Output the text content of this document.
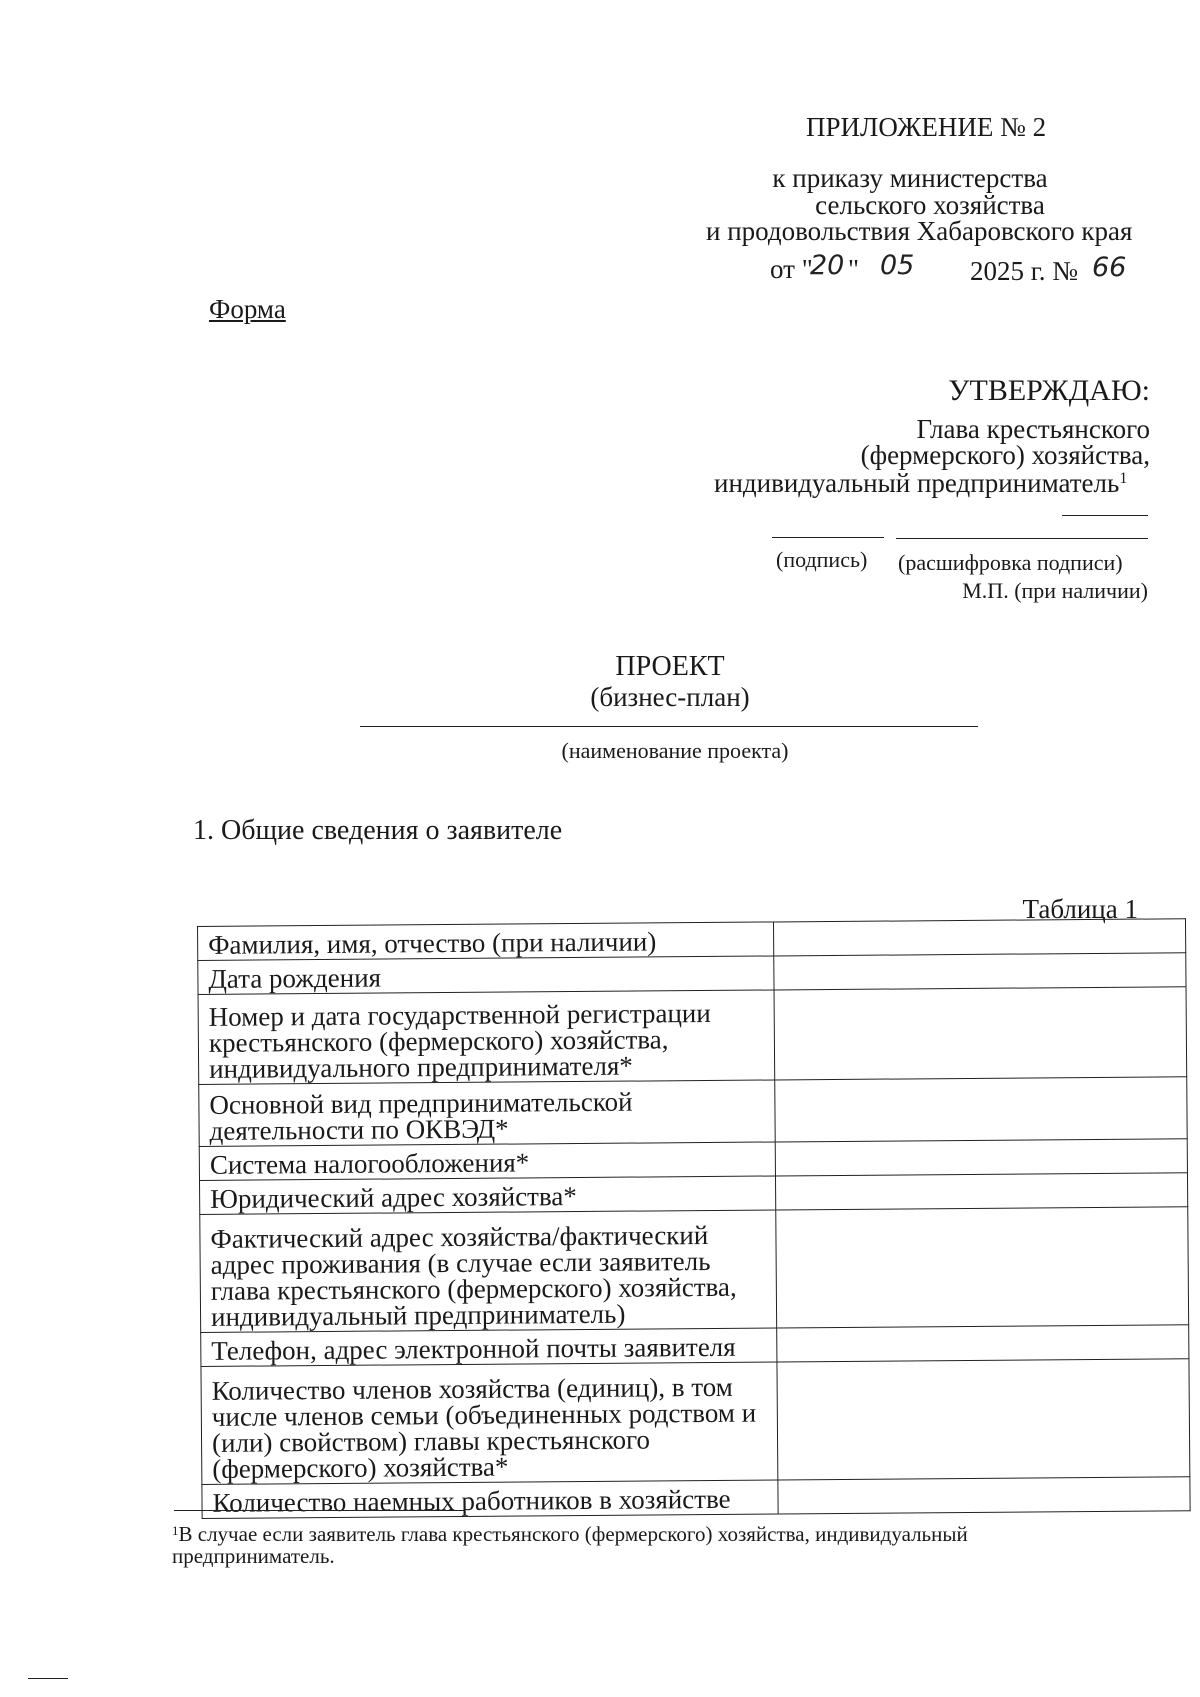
ПРИЛОЖЕНИЕ № 2
к приказу министерства
сельского хозяйства
и продовольствия Хабаровского края
от "
20 " 05 2025 г. № 66
Форма
УТВЕРЖДАЮ:
Глава крестьянского
(фермерского) хозяйства,
индивидуальный предприниматель$^1$
(подпись) (расшифровка подписи)
М.П. (при наличии)
ПРОЕКТ
(бизнес-план)
(наименование проекта)
1. Общие сведения о заявителе
Таблица 1
Фамилия, имя, отчество (при наличии)	
Дата рождения	
Номер и дата государственной регистрации крестьянского (фермерского) хозяйства, индивидуального предпринимателя*	
Основной вид предпринимательской деятельности по ОКВЭД*	
Система налогообложения*	
Юридический адрес хозяйства*	
Фактический адрес хозяйства/фактический адрес проживания (в случае если заявитель глава крестьянского (фермерского) хозяйства, индивидуальный предприниматель)	
Телефон, адрес электронной почты заявителя	
Количество членов хозяйства (единиц), в том числе членов семьи (объединенных родством и (или) свойством) главы крестьянского (фермерского) хозяйства*	
Количество наемных работников в хозяйстве	
$^1$В случае если заявитель глава крестьянского (фермерского) хозяйства, индивидуальный предприниматель.
